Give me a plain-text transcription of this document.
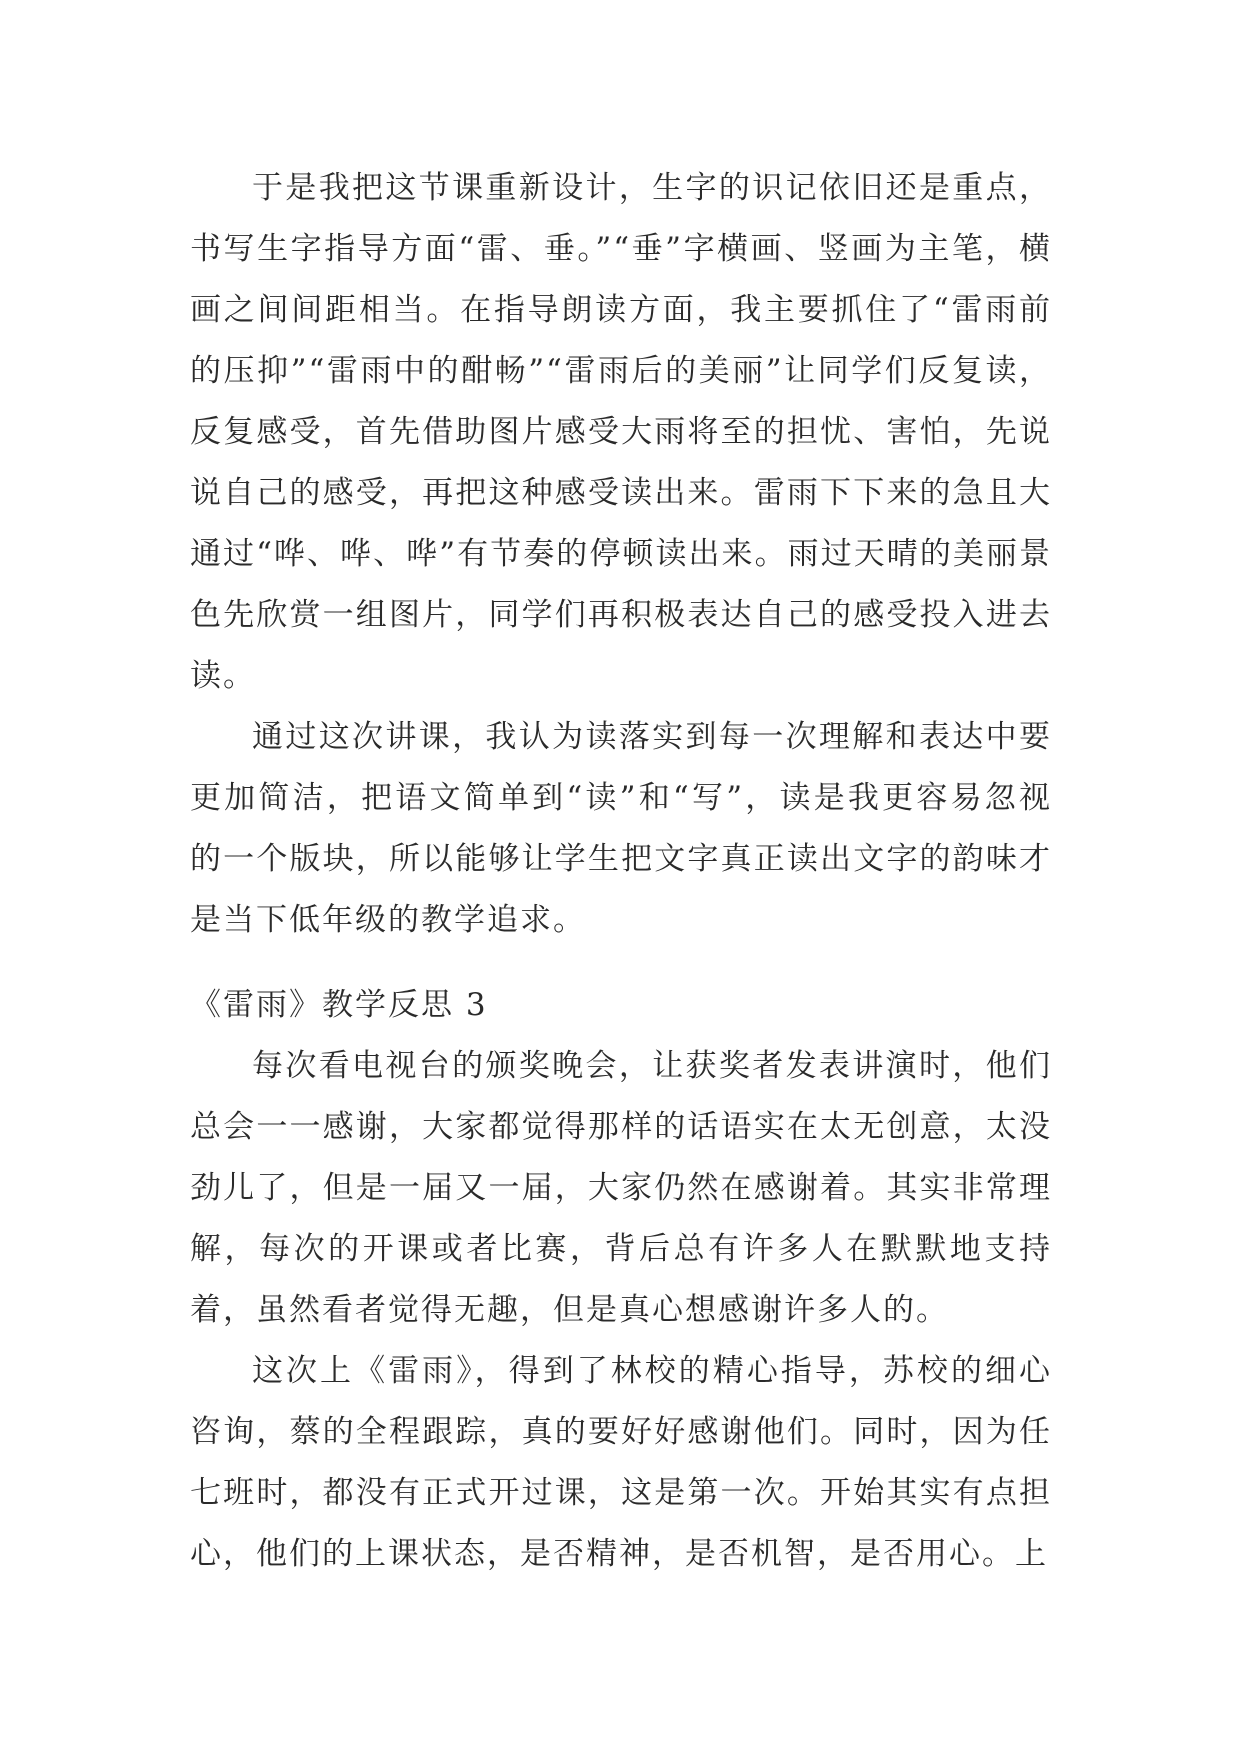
于是我把这节课重新设计，生字的识记依旧还是重点，书写生字指导方面“雷、垂。”“垂”字横画、竖画为主笔，横画之间间距相当。在指导朗读方面，我主要抓住了“雷雨前的压抑”“雷雨中的酣畅”“雷雨后的美丽”让同学们反复读，反复感受，首先借助图片感受大雨将至的担忧、害怕，先说说自己的感受，再把这种感受读出来。雷雨下下来的急且大通过“哗、哗、哗”有节奏的停顿读出来。雨过天晴的美丽景色先欣赏一组图片，同学们再积极表达自己的感受投入进去读。

通过这次讲课，我认为读落实到每一次理解和表达中要更加简洁，把语文简单到“读”和“写”，读是我更容易忽视的一个版块，所以能够让学生把文字真正读出文字的韵味才是当下低年级的教学追求。

《雷雨》教学反思 3

每次看电视台的颁奖晚会，让获奖者发表讲演时，他们总会一一感谢，大家都觉得那样的话语实在太无创意，太没劲儿了，但是一届又一届，大家仍然在感谢着。其实非常理解，每次的开课或者比赛，背后总有许多人在默默地支持着，虽然看者觉得无趣，但是真心想感谢许多人的。

这次上《雷雨》，得到了林校的精心指导，苏校的细心咨询，蔡的全程跟踪，真的要好好感谢他们。同时，因为任七班时，都没有正式开过课，这是第一次。开始其实有点担心，他们的上课状态，是否精神，是否机智，是否用心。上
